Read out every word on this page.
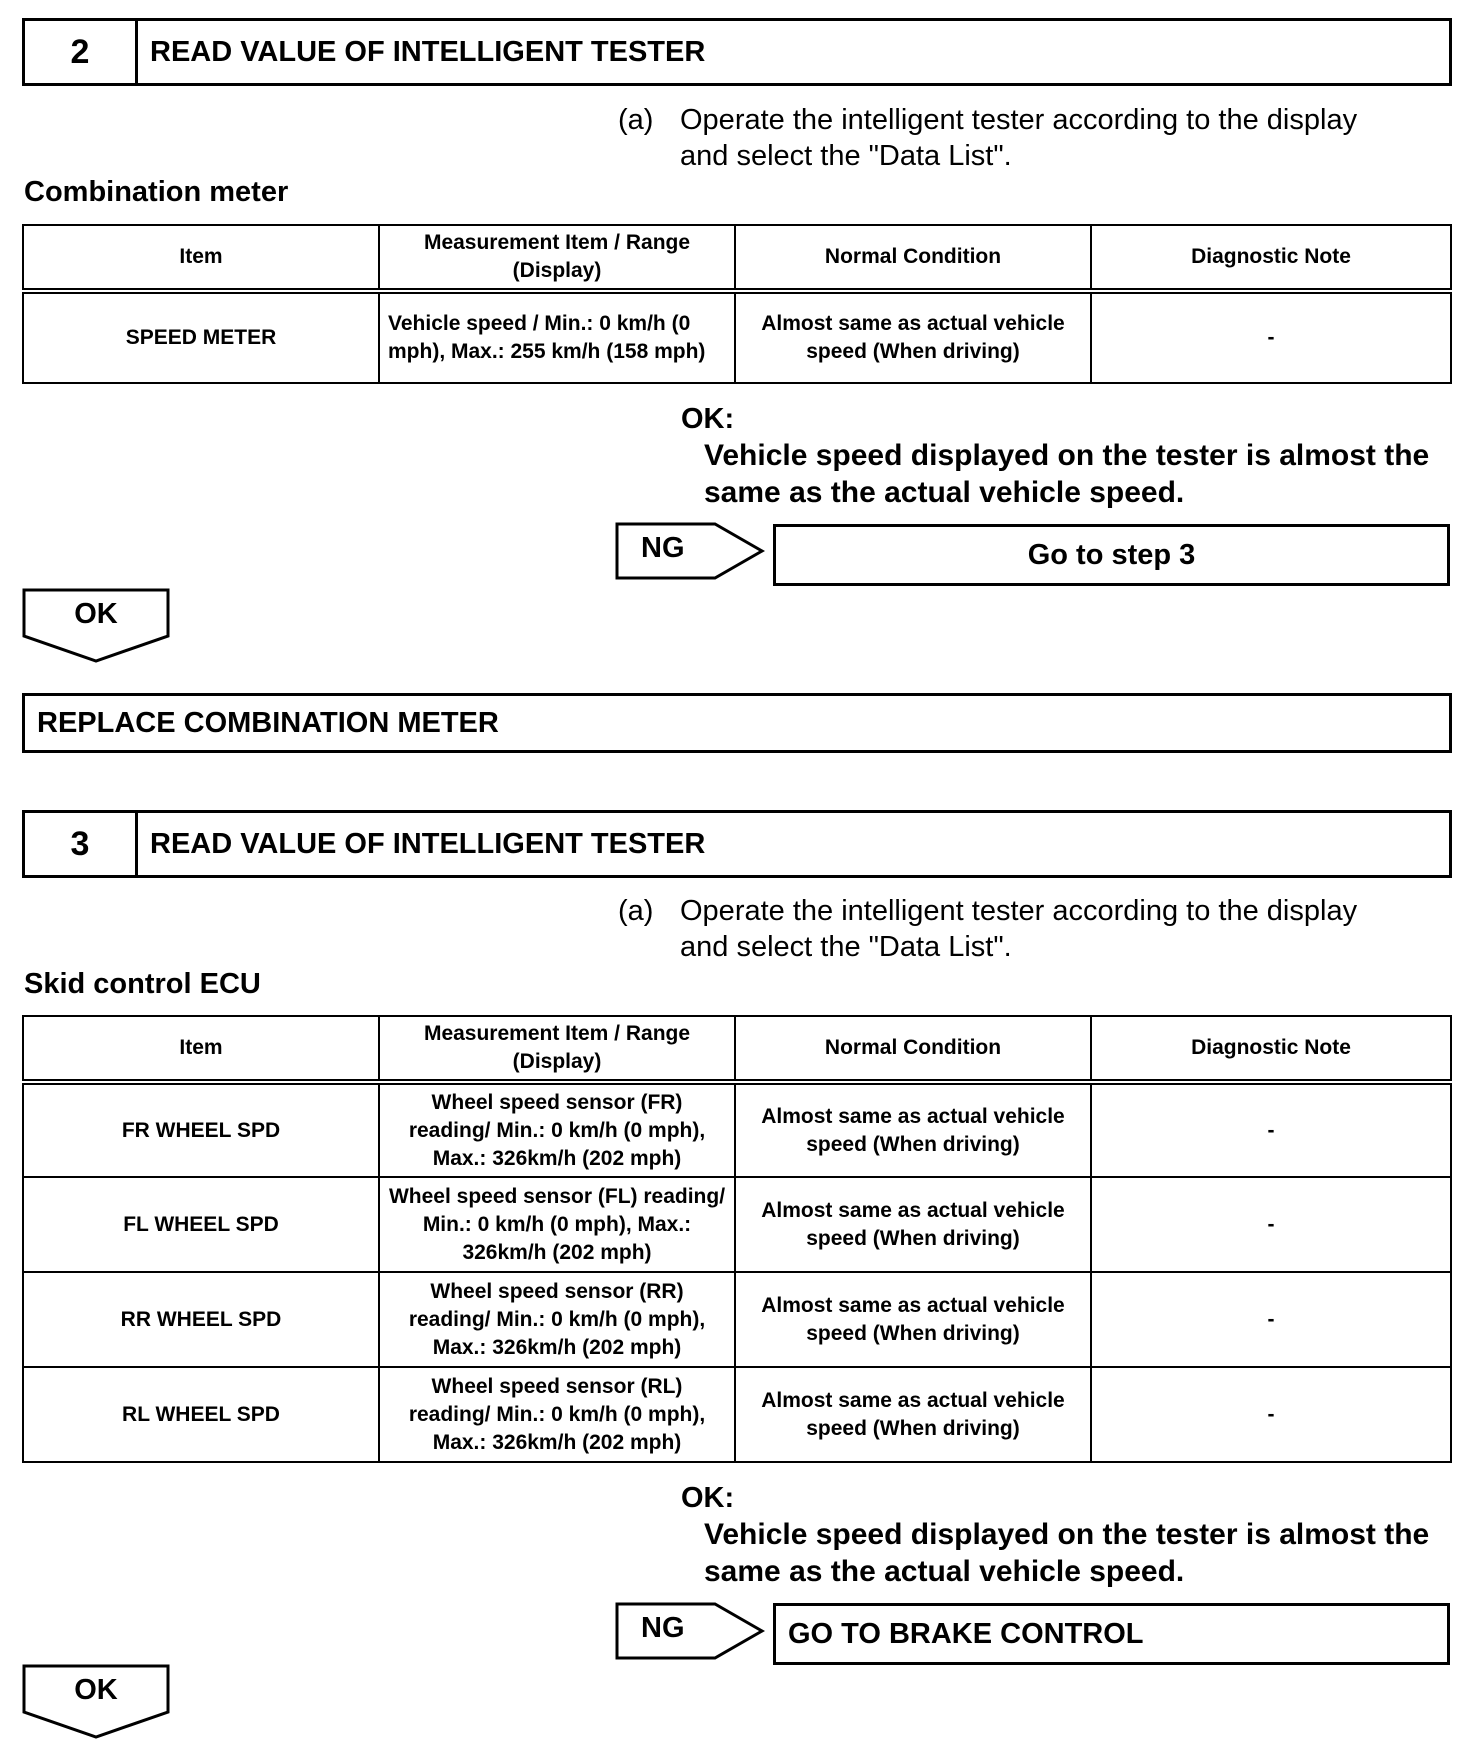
2	READ VALUE OF INTELLIGENT TESTER
(a) Operate the intelligent tester according to the display and select the "Data List".
Combination meter
Item	Measurement Item / Range (Display)	Normal Condition	Diagnostic Note
SPEED METER	Vehicle speed / Min.: 0 km/h (0 mph), Max.: 255 km/h (158 mph)	Almost same as actual vehicle speed (When driving)	-
OK:
Vehicle speed displayed on the tester is almost the same as the actual vehicle speed.
NG	Go to step 3
OK
REPLACE COMBINATION METER
3	READ VALUE OF INTELLIGENT TESTER
(a) Operate the intelligent tester according to the display and select the "Data List".
Skid control ECU
Item	Measurement Item / Range (Display)	Normal Condition	Diagnostic Note
FR WHEEL SPD	Wheel speed sensor (FR) reading/ Min.: 0 km/h (0 mph), Max.: 326km/h (202 mph)	Almost same as actual vehicle speed (When driving)	-
FL WHEEL SPD	Wheel speed sensor (FL) reading/ Min.: 0 km/h (0 mph), Max.: 326km/h (202 mph)	Almost same as actual vehicle speed (When driving)	-
RR WHEEL SPD	Wheel speed sensor (RR) reading/ Min.: 0 km/h (0 mph), Max.: 326km/h (202 mph)	Almost same as actual vehicle speed (When driving)	-
RL WHEEL SPD	Wheel speed sensor (RL) reading/ Min.: 0 km/h (0 mph), Max.: 326km/h (202 mph)	Almost same as actual vehicle speed (When driving)	-
OK:
Vehicle speed displayed on the tester is almost the same as the actual vehicle speed.
NG	GO TO BRAKE CONTROL
OK
